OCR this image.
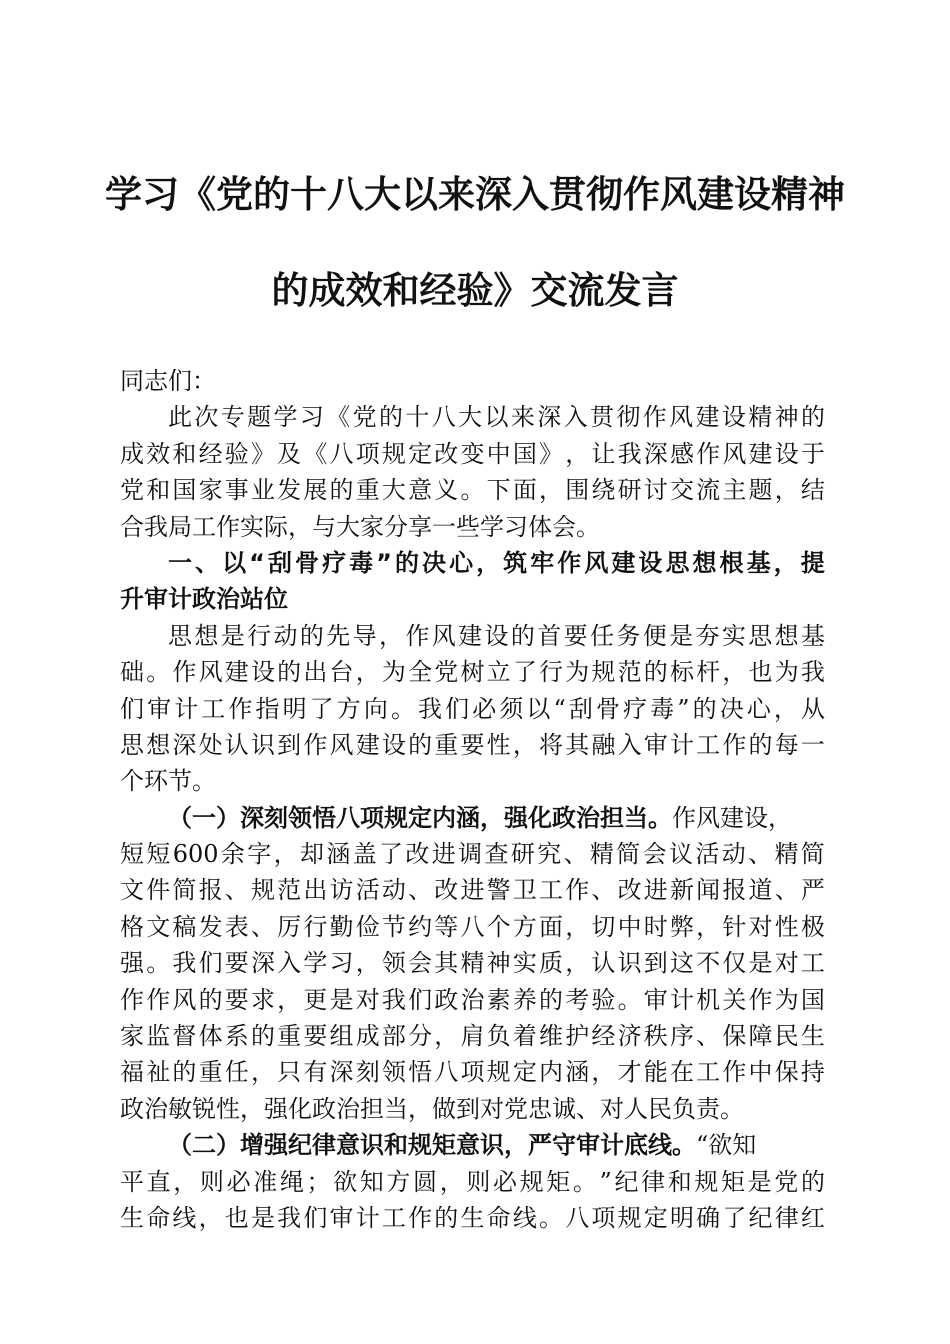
学习《党的十八大以来深入贯彻作风建设精神
的成效和经验》交流发言
同志们：
此 次 专 题 学 习 《 党 的 十 八 大 以 来 深 入 贯 彻 作 风 建 设 精 神 的
成 效 和 经 验 》 及 《 八 项 规 定 改 变 中 国 》 ， 让 我 深 感 作 风 建 设 于
党 和 国 家 事 业 发 展 的 重 大 意 义 。 下 面 ， 围 绕 研 讨 交 流 主 题 ， 结
合我局工作实际，与大家分享一些学习体会。
一 、 以 “ 刮 骨 疗 毒 ” 的 决 心 ， 筑 牢 作 风 建 设 思 想 根 基 ， 提
升审计政治站位
思 想 是 行 动 的 先 导 ， 作 风 建 设 的 首 要 任 务 便 是 夯 实 思 想 基
础 。 作 风 建 设 的 出 台 ， 为 全 党 树 立 了 行 为 规 范 的 标 杆 ， 也 为 我
们 审 计 工 作 指 明 了 方 向 。 我 们 必 须 以 “ 刮 骨 疗 毒 ” 的 决 心 ， 从
思 想 深 处 认 识 到 作 风 建 设 的 重 要 性 ， 将 其 融 入 审 计 工 作 的 每 一
个环节。
（一）深刻领悟八项规定内涵，强化政治担当。 作风建设，
短 短 600 余 字 ， 却 涵 盖 了 改 进 调 查 研 究 、 精 简 会 议 活 动 、 精 简
文 件 简 报 、 规 范 出 访 活 动 、 改 进 警 卫 工 作 、 改 进 新 闻 报 道 、 严
格 文 稿 发 表 、 厉 行 勤 俭 节 约 等 八 个 方 面 ， 切 中 时 弊 ， 针 对 性 极
强 。 我 们 要 深 入 学 习 ， 领 会 其 精 神 实 质 ， 认 识 到 这 不 仅 是 对 工
作 作 风 的 要 求 ， 更 是 对 我 们 政 治 素 养 的 考 验 。 审 计 机 关 作 为 国
家 监 督 体 系 的 重 要 组 成 部 分 ， 肩 负 着 维 护 经 济 秩 序 、 保 障 民 生
福 祉 的 重 任 ， 只 有 深 刻 领 悟 八 项 规 定 内 涵 ， 才 能 在 工 作 中 保 持
政治敏锐性，强化政治担当，做到对党忠诚、对人民负责。
（二）增强纪律意识和规矩意识，严守审计底线。 “欲知
平 直 ， 则 必 准 绳 ； 欲 知 方 圆 ， 则 必 规 矩 。 ” 纪 律 和 规 矩 是 党 的
生 命 线 ， 也 是 我 们 审 计 工 作 的 生 命 线 。 八 项 规 定 明 确 了 纪 律 红
